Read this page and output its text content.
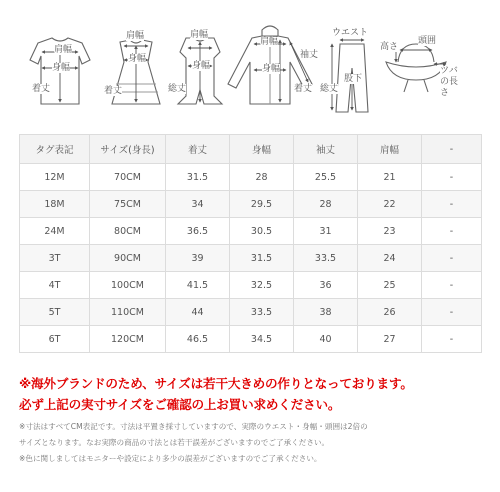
肩幅
身幅
着丈
肩幅
身幅
着丈
肩幅
身幅
総丈
肩幅
身幅
袖丈
着丈
ウエスト
総丈
股下
高さ
頭囲
ツバの長さ
タグ表記	サイズ(身長)	着丈	身幅	袖丈	肩幅	-
12M	70CM	31.5	28	25.5	21	-
18M	75CM	34	29.5	28	22	-
24M	80CM	36.5	30.5	31	23	-
3T	90CM	39	31.5	33.5	24	-
4T	100CM	41.5	32.5	36	25	-
5T	110CM	44	33.5	38	26	-
6T	120CM	46.5	34.5	40	27	-
※海外ブランドのため、サイズは若干大きめの作りとなっております。
必ず上記の実寸サイズをご確認の上お買い求めください。
※寸法はすべてCM表記です。寸法は平置き採寸していますので、実際のウエスト・身幅・頭囲は2倍の
サイズとなります。なお実際の商品の寸法とは若干誤差がございますのでご了承ください。
※色に関しましてはモニターや設定により多少の誤差がございますのでご了承ください。
